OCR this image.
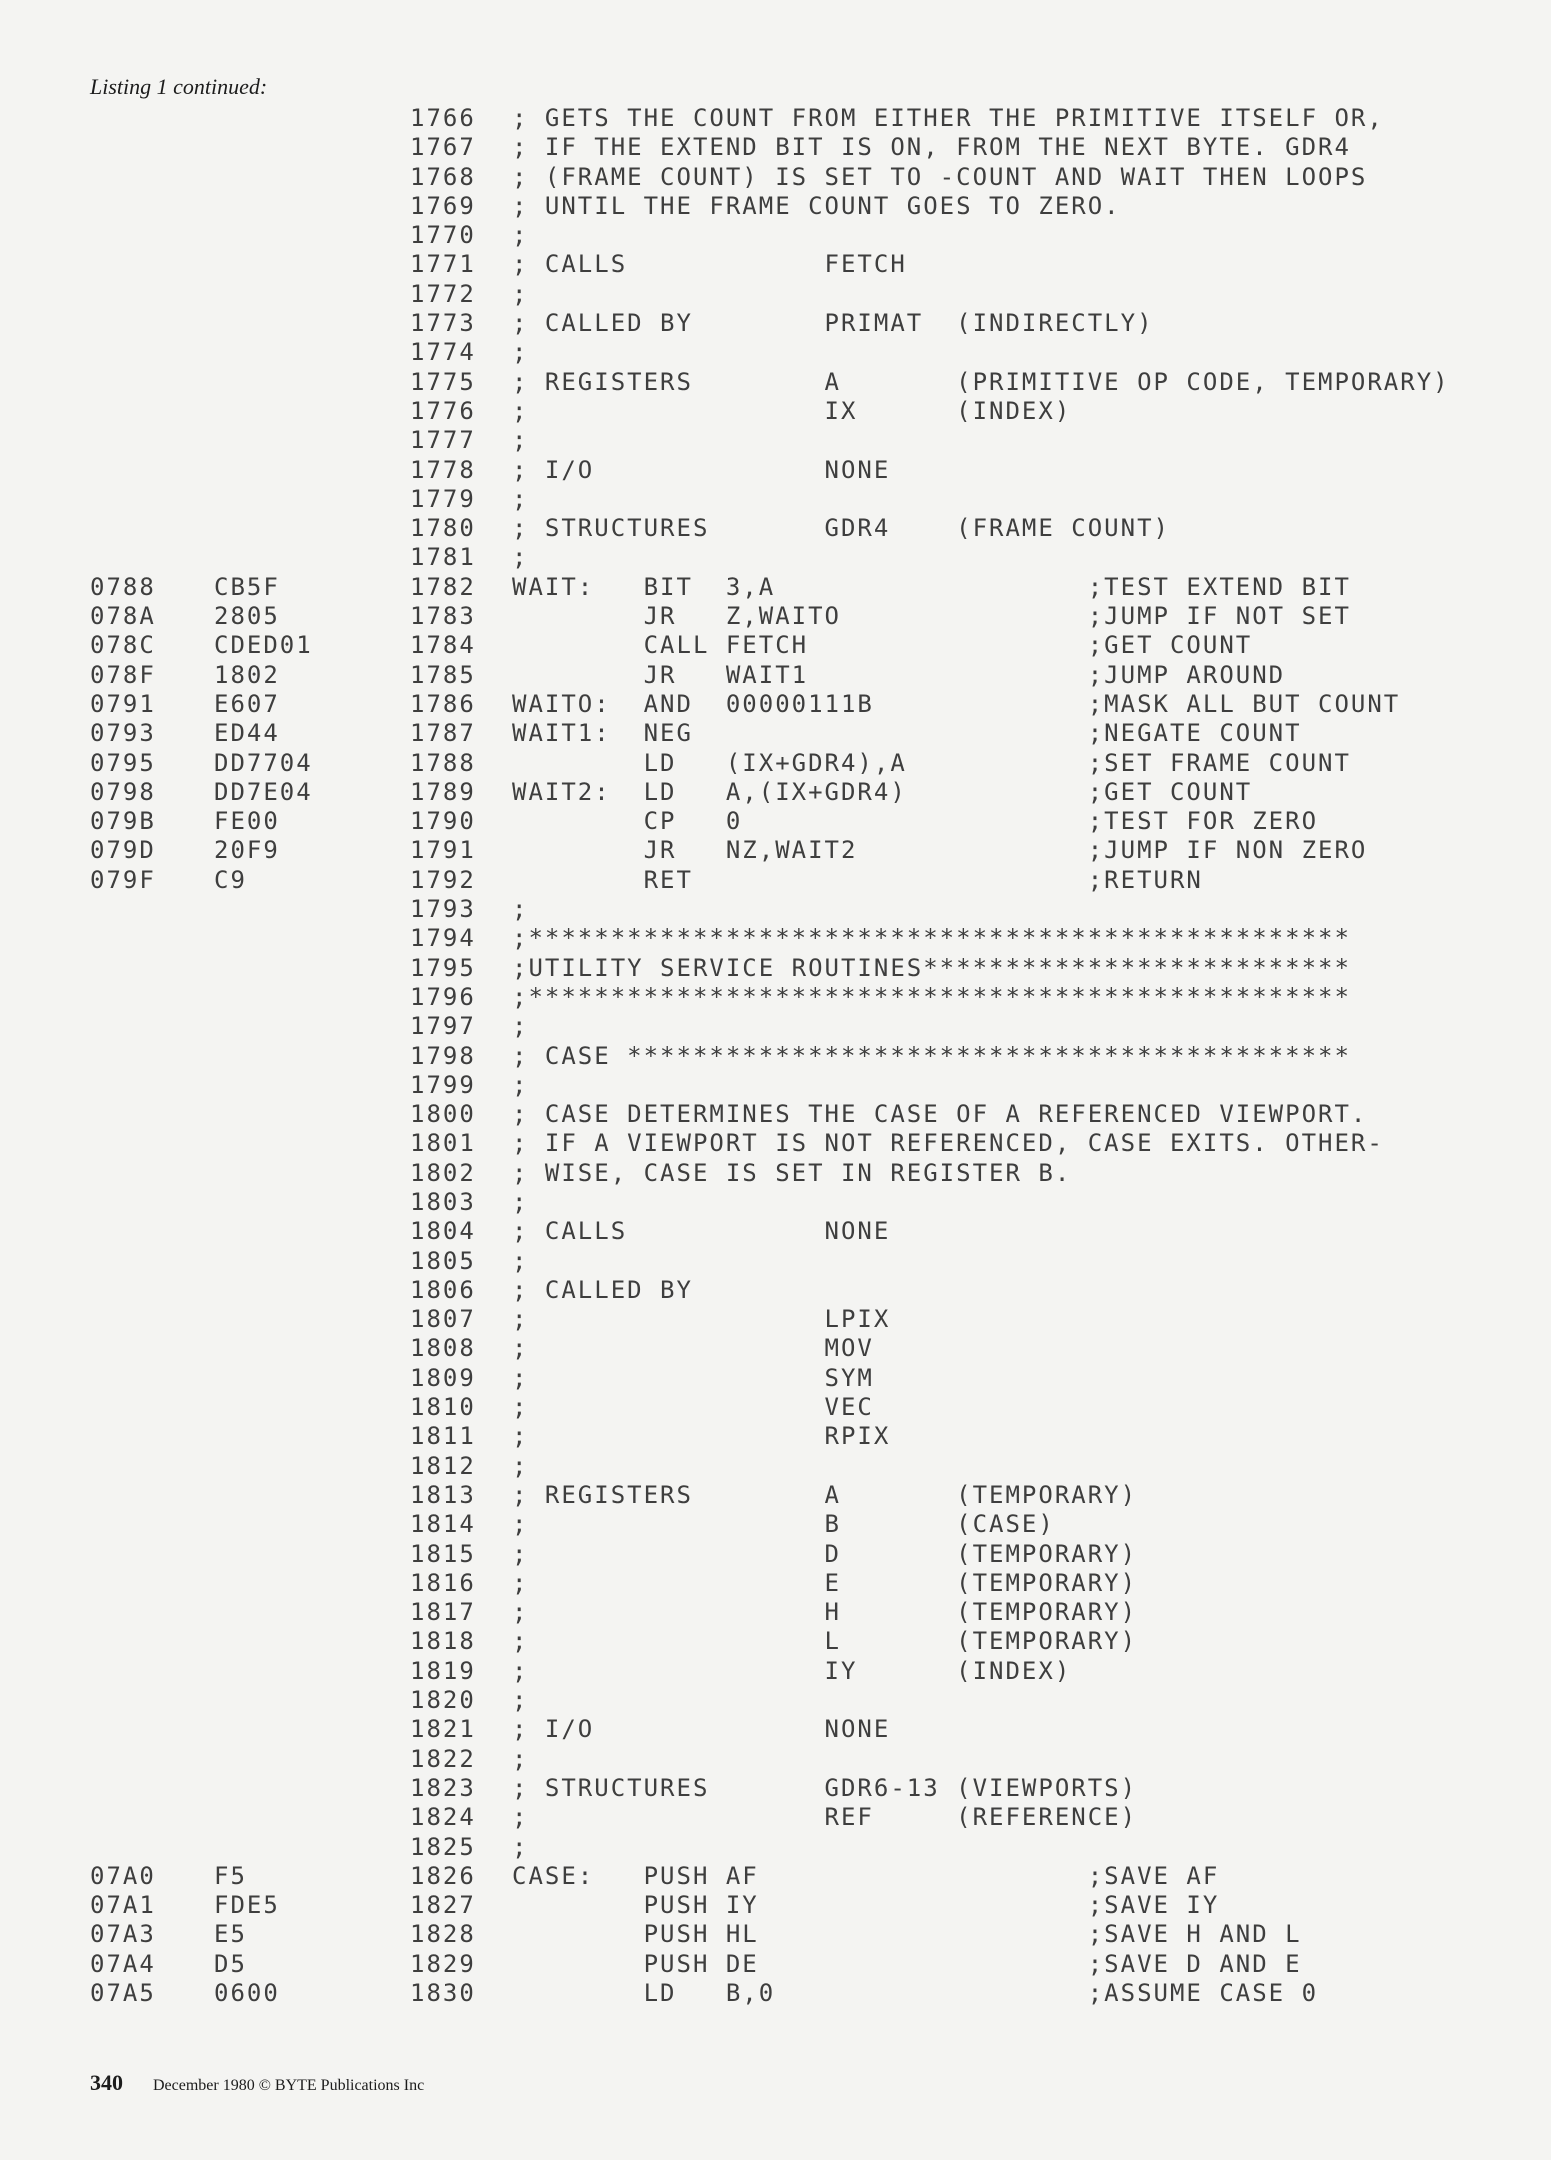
Listing 1 continued:
1766 ; GETS THE COUNT FROM EITHER THE PRIMITIVE ITSELF OR,
1767 ; IF THE EXTEND BIT IS ON, FROM THE NEXT BYTE. GDR4
1768 ; (FRAME COUNT) IS SET TO -COUNT AND WAIT THEN LOOPS
1769 ; UNTIL THE FRAME COUNT GOES TO ZERO.
1770 ;
1771 ; CALLS            FETCH
1772 ;
1773 ; CALLED BY        PRIMAT  (INDIRECTLY)
1774 ;
1775 ; REGISTERS        A       (PRIMITIVE OP CODE, TEMPORARY)
1776 ;                  IX      (INDEX)
1777 ;
1778 ; I/O              NONE
1779 ;
1780 ; STRUCTURES       GDR4    (FRAME COUNT)
1781 ;
0788 CB5F	1782 WAIT:   BIT  3,A                   ;TEST EXTEND BIT
078A 2805	1783 JR   Z,WAITO               ;JUMP IF NOT SET
078C CDED01	1784 CALL FETCH                 ;GET COUNT
078F 1802	1785 JR   WAIT1                 ;JUMP AROUND
0791 E607	1786 WAITO:  AND  00000111B             ;MASK ALL BUT COUNT
0793 ED44	1787 WAIT1:  NEG                        ;NEGATE COUNT
0795 DD7704	1788 LD   (IX+GDR4),A           ;SET FRAME COUNT
0798 DD7E04	1789 WAIT2:  LD   A,(IX+GDR4)           ;GET COUNT
079B FE00	1790 CP   0                     ;TEST FOR ZERO
079D 20F9	1791 JR   NZ,WAIT2              ;JUMP IF NON ZERO
079F C9	1792 RET                        ;RETURN
1793 ;
1794 ;**************************************************
1795 ;UTILITY SERVICE ROUTINES**************************
1796 ;**************************************************
1797 ;
1798 ; CASE ********************************************
1799 ;
1800 ; CASE DETERMINES THE CASE OF A REFERENCED VIEWPORT.
1801 ; IF A VIEWPORT IS NOT REFERENCED, CASE EXITS. OTHER-
1802 ; WISE, CASE IS SET IN REGISTER B.
1803 ;
1804 ; CALLS            NONE
1805 ;
1806 ; CALLED BY
1807 ;                  LPIX
1808 ;                  MOV
1809 ;                  SYM
1810 ;                  VEC
1811 ;                  RPIX
1812 ;
1813 ; REGISTERS        A       (TEMPORARY)
1814 ;                  B       (CASE)
1815 ;                  D       (TEMPORARY)
1816 ;                  E       (TEMPORARY)
1817 ;                  H       (TEMPORARY)
1818 ;                  L       (TEMPORARY)
1819 ;                  IY      (INDEX)
1820 ;
1821 ; I/O              NONE
1822 ;
1823 ; STRUCTURES       GDR6-13 (VIEWPORTS)
1824 ;                  REF     (REFERENCE)
1825 ;
07A0 F5	1826 CASE:   PUSH AF                    ;SAVE AF
07A1 FDE5	1827 PUSH IY                    ;SAVE IY
07A3 E5	1828 PUSH HL                    ;SAVE H AND L
07A4 D5	1829 PUSH DE                    ;SAVE D AND E
07A5 0600	1830 LD   B,0                   ;ASSUME CASE 0
340 December 1980 © BYTE Publications Inc
